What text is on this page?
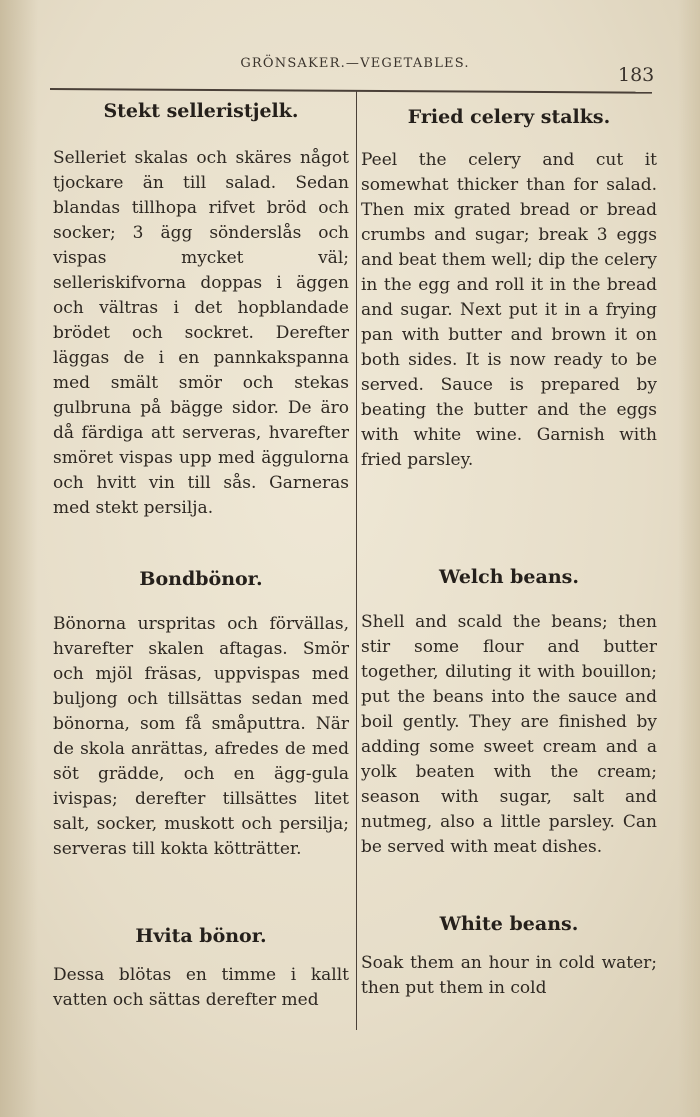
GRÖNSAKER.—VEGETABLES.
183
Stekt selleristjelk.

Selleriet skalas och skäres något tjockare än till salad. Sedan blandas tillhopa rifvet bröd och socker; 3 ägg sönderslås och vispas mycket väl; selleriskifvorna doppas i äggen och vältras i det hopblandade brödet och sockret. Derefter läggas de i en pannkakspanna med smält smör och stekas gulbruna på bägge sidor. De äro då färdiga att serveras, hvarefter smöret vispas upp med äggulorna och hvitt vin till sås. Garneras med stekt persilja.

Fried celery stalks.

Peel the celery and cut it somewhat thicker than for salad. Then mix grated bread or bread crumbs and sugar; break 3 eggs and beat them well; dip the celery in the egg and roll it in the bread and sugar. Next put it in a frying pan with butter and brown it on both sides. It is now ready to be served. Sauce is prepared by beating the butter and the eggs with white wine. Garnish with fried parsley.

Bondbönor.

Bönorna urspritas och förvällas, hvarefter skalen aftagas. Smör och mjöl fräsas, uppvispas med buljong och tillsättas sedan med bönorna, som få småputtra. När de skola anrättas, afredes de med söt grädde, och en ägg-gula ivispas; derefter tillsättes litet salt, socker, muskott och persilja; serveras till kokta kötträtter.

Welch beans.

Shell and scald the beans; then stir some flour and butter together, diluting it with bouillon; put the beans into the sauce and boil gently. They are finished by adding some sweet cream and a yolk beaten with the cream; season with sugar, salt and nutmeg, also a little parsley. Can be served with meat dishes.

Hvita bönor.

Dessa blötas en timme i kallt vatten och sättas derefter med

White beans.

Soak them an hour in cold water; then put them in cold
